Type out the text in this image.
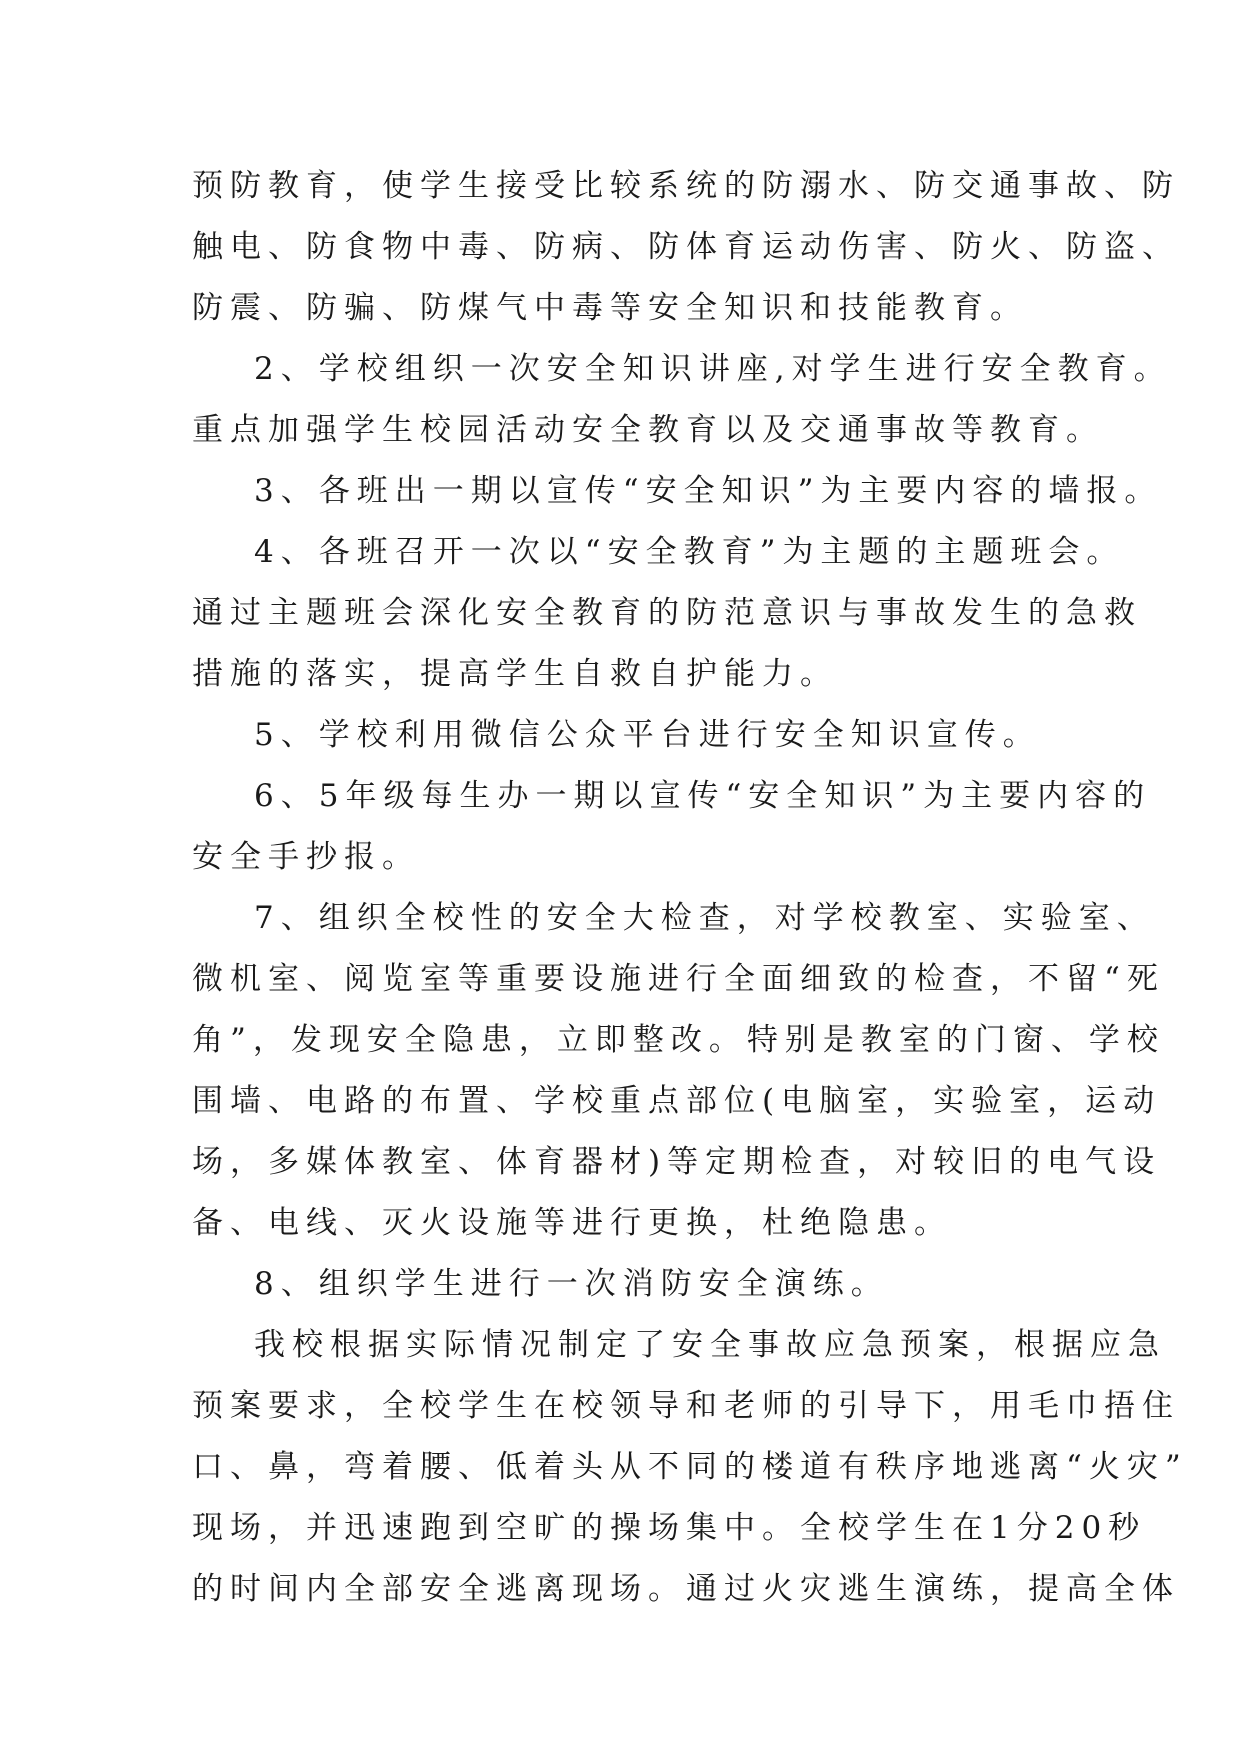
预防教育，使学生接受比较系统的防溺水、防交通事故、防
触电、防食物中毒、防病、防体育运动伤害、防火、防盗、
防震、防骗、防煤气中毒等安全知识和技能教育。
2、学校组织一次安全知识讲座,对学生进行安全教育。
重点加强学生校园活动安全教育以及交通事故等教育。
3、各班出一期以宣传“安全知识”为主要内容的墙报。
4、各班召开一次以“安全教育”为主题的主题班会。
通过主题班会深化安全教育的防范意识与事故发生的急救
措施的落实，提高学生自救自护能力。
5、学校利用微信公众平台进行安全知识宣传。
6、5年级每生办一期以宣传“安全知识”为主要内容的
安全手抄报。
7、组织全校性的安全大检查，对学校教室、实验室、
微机室、阅览室等重要设施进行全面细致的检查，不留“死
角”，发现安全隐患，立即整改。特别是教室的门窗、学校
围墙、电路的布置、学校重点部位(电脑室，实验室，运动
场，多媒体教室、体育器材)等定期检查，对较旧的电气设
备、电线、灭火设施等进行更换，杜绝隐患。
8、组织学生进行一次消防安全演练。
我校根据实际情况制定了安全事故应急预案，根据应急
预案要求，全校学生在校领导和老师的引导下，用毛巾捂住
口、鼻，弯着腰、低着头从不同的楼道有秩序地逃离“火灾”
现场，并迅速跑到空旷的操场集中。全校学生在1分20秒
的时间内全部安全逃离现场。通过火灾逃生演练，提高全体
